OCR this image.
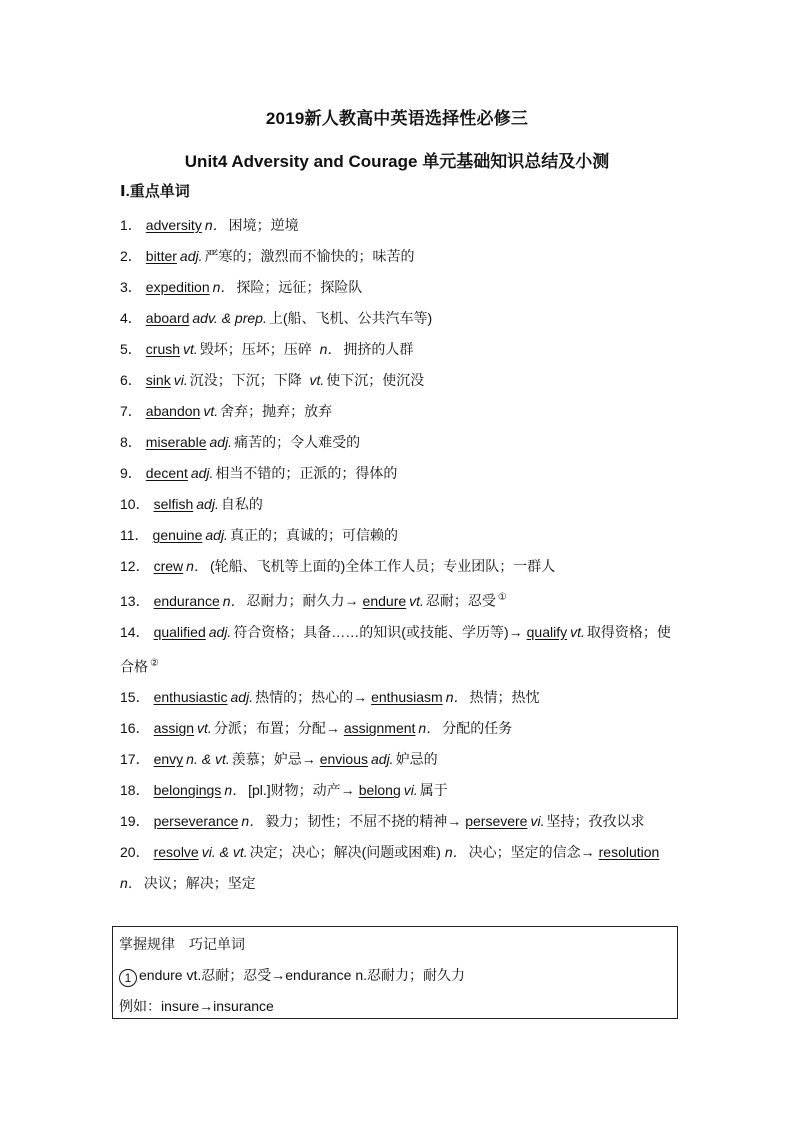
2019新人教高中英语选择性必修三
Unit4 Adversity and Courage 单元基础知识总结及小测
Ⅰ.重点单词
1． adversity n． 困境；逆境
2． bitter adj. 严寒的；激烈而不愉快的；味苦的
3． expedition n． 探险；远征；探险队
4． aboard adv. & prep. 上(船、飞机、公共汽车等)
5． crush vt. 毁坏；压坏；压碎 n． 拥挤的人群
6． sink vi. 沉没；下沉；下降 vt. 使下沉；使沉没
7． abandon vt. 舍弃；抛弃；放弃
8． miserable adj. 痛苦的；令人难受的
9． decent adj. 相当不错的；正派的；得体的
10． selfish adj. 自私的
11． genuine adj. 真正的；真诚的；可信赖的
12． crew n． (轮船、飞机等上面的)全体工作人员；专业团队；一群人
13． endurance n． 忍耐力；耐久力→ endure vt. 忍耐；忍受 ①
14． qualified adj. 符合资格；具备……的知识(或技能、学历等)→ qualify vt. 取得资格；使合格 ②
15． enthusiastic adj. 热情的；热心的→ enthusiasm n． 热情；热忱
16． assign vt. 分派；布置；分配→ assignment n． 分配的任务
17． envy n. & vt. 羡慕；妒忌→ envious adj. 妒忌的
18． belongings n． [pl.]财物；动产→ belong vi. 属于
19． perseverance n． 毅力；韧性；不屈不挠的精神→ persevere vi. 坚持；孜孜以求
20． resolve vi. & vt. 决定；决心；解决(问题或困难) n． 决心；坚定的信念→ resolution n． 决议；解决；坚定
掌握规律　巧记单词
1 endure vt.忍耐；忍受→endurance n.忍耐力；耐久力
例如：insure→insurance
